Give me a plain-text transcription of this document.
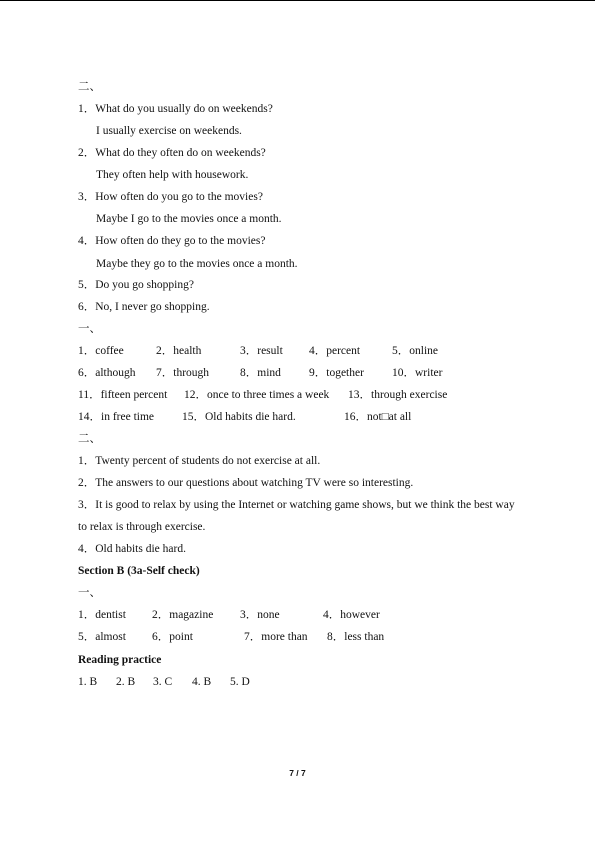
二、
1．What do you usually do on weekends?
I usually exercise on weekends.
2．What do they often do on weekends?
They often help with housework.
3．How often do you go to the movies?
Maybe I go to the movies once a month.
4．How often do they go to the movies?
Maybe they go to the movies once a month.
5．Do you go shopping?
6．No, I never go shopping.
一、
1．coffee	2．health	3．result 4．percent	5．online
6．although 7．through	8．mind 9．together 10．writer
11．fifteen percent 12．once to three times a week 13．through exercise
14．in free time 15．Old habits die hard.	16．not□at all
二、
1．Twenty percent of students do not exercise at all.
2．The answers to our questions about watching TV were so interesting.
3．It is good to relax by using the Internet or watching game shows, but we think the best way
to relax is through exercise.
4．Old habits die hard.
Section B (3a-Self check)
一、
1．dentist 2．magazine 3．none	4．however
5．almost 6．point	7．more than 8．less than
Reading practice
1. B 2. B 3. C 4. B 5. D
7 / 7
